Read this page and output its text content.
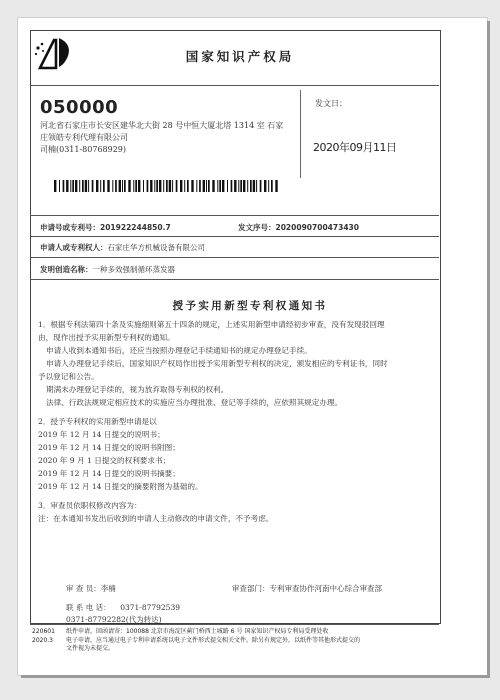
国家知识产权局
050000
河北省石家庄市长安区建华北大街 28 号中恒大厦北塔 1314 室 石家
庄领皓专利代理有限公司
司楠(0311-80768929)
发文日：
2020年09月11日
申请号或专利号：201922244850.7	发文序号：2020090700473430
申请人或专利权人：石家庄华方机械设备有限公司
发明创造名称：一种多效强制循环蒸发器
授予实用新型专利权通知书

1．根据专利法第四十条及实施细则第五十四条的规定，上述实用新型申请经初步审查，没有发现驳回理

由，现作出授予实用新型专利权的通知。

申请人收到本通知书后，还应当按照办理登记手续通知书的规定办理登记手续。

申请人办理登记手续后，国家知识产权局作出授予实用新型专利权的决定，颁发相应的专利证书，同时

予以登记和公告。

期满未办理登记手续的，视为放弃取得专利权的权利。

法律、行政法规规定相应技术的实施应当办理批准、登记等手续的，应依照其规定办理。

2．授予专利权的实用新型申请是以

2019 年 12 月 14 日提交的说明书；

2019 年 12 月 14 日提交的说明书附图；

2020 年 9 月 1 日提交的权利要求书；

2019 年 12 月 14 日提交的说明书摘要；

2019 年 12 月 14 日提交的摘要附图为基础的。

3．审查员依职权修改内容为：

注：在本通知书发出后收到的申请人主动修改的申请文件，不予考虑。

审 查 员：李楠	审查部门：专利审查协作河南中心综合审查部
联 系 电 话： 0371-87792539
0371-87792282(代为转达)
220601	纸件申请，回函请寄：100088 北京市海淀区蓟门桥西土城路 6 号 国家知识产权局专利局受理处收
2020.3	电子申请，应当通过电子专利申请系统以电子文件形式提交相关文件。除另有规定外，以纸件等其他形式提交的
文件视为未提交。
